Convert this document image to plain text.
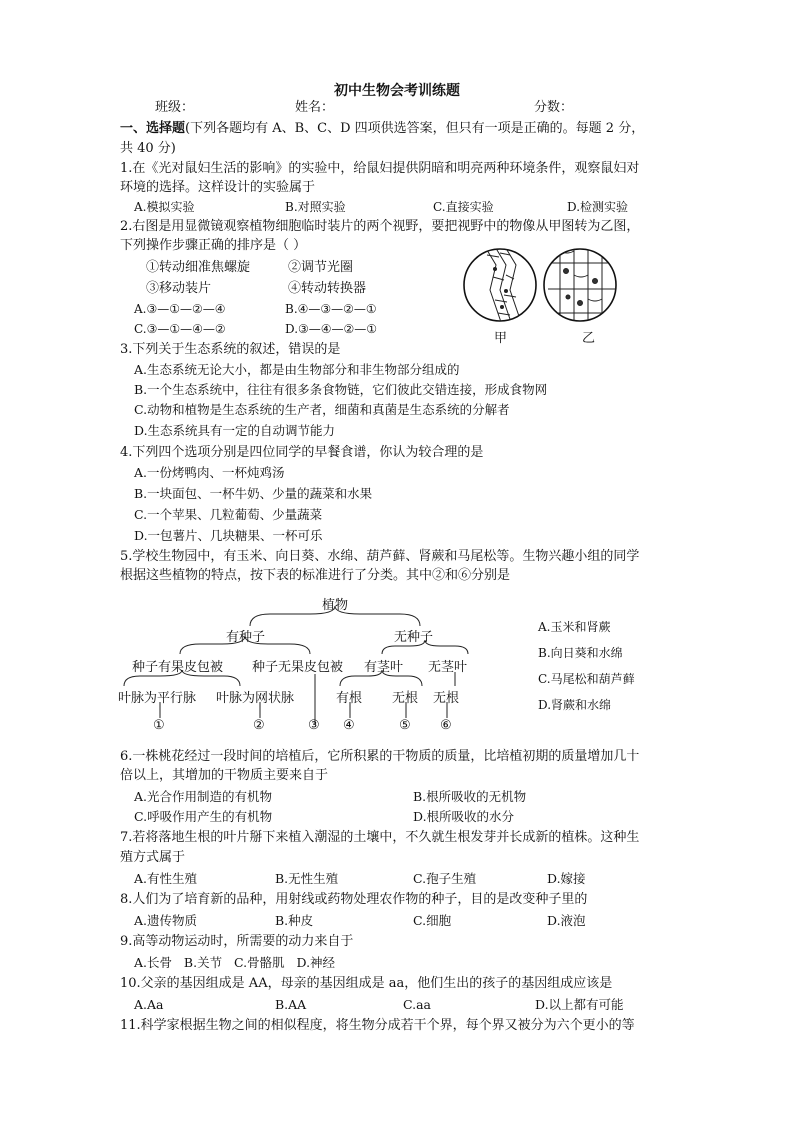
初中生物会考训练题
班级：	姓名：	分数：
一、选择题(下列各题均有 A、B、C、D 四项供选答案，但只有一项是正确的。每题 2 分，
共 40 分)
1.在《光对鼠妇生活的影响》的实验中，给鼠妇提供阴暗和明亮两种环境条件，观察鼠妇对
环境的选择。这样设计的实验属于
A.模拟实验	B.对照实验	C.直接实验	D.检测实验
2.右图是用显微镜观察植物细胞临时装片的两个视野，要把视野中的物像从甲图转为乙图，
下列操作步骤正确的排序是（ ）
①转动细准焦螺旋	②调节光圈
③移动装片	④转动转换器
A.③—①—②—④	B.④—③—②—①
C.③—①—④—②	D.③—④—②—①
甲	乙
3.下列关于生态系统的叙述，错误的是
A.生态系统无论大小，都是由生物部分和非生物部分组成的
B.一个生态系统中，往往有很多条食物链，它们彼此交错连接，形成食物网
C.动物和植物是生态系统的生产者，细菌和真菌是生态系统的分解者
D.生态系统具有一定的自动调节能力
4.下列四个选项分别是四位同学的早餐食谱，你认为较合理的是
A.一份烤鸭肉、一杯炖鸡汤
B.一块面包、一杯牛奶、少量的蔬菜和水果
C.一个苹果、几粒葡萄、少量蔬菜
D.一包薯片、几块糖果、一杯可乐
5.学校生物园中，有玉米、向日葵、水绵、葫芦藓、肾蕨和马尾松等。生物兴趣小组的同学
根据这些植物的特点，按下表的标准进行了分类。其中②和⑥分别是
植物
有种子	无种子
种子有果皮包被 种子无果皮包被 有茎叶 无茎叶
叶脉为平行脉 叶脉为网状脉	有根 无根 无根
①	②	③ ④	⑤ ⑥
A.玉米和肾蕨
B.向日葵和水绵
C.马尾松和葫芦藓
D.肾蕨和水绵
6.一株桃花经过一段时间的培植后，它所积累的干物质的质量，比培植初期的质量增加几十
倍以上，其增加的干物质主要来自于
A.光合作用制造的有机物	B.根所吸收的无机物
C.呼吸作用产生的有机物	D.根所吸收的水分
7.若将落地生根的叶片掰下来植入潮湿的土壤中，不久就生根发芽并长成新的植株。这种生
殖方式属于
A.有性生殖	B.无性生殖	C.孢子生殖	D.嫁接
8.人们为了培育新的品种，用射线或药物处理农作物的种子，目的是改变种子里的
A.遗传物质	B.种皮	C.细胞	D.液泡
9.高等动物运动时，所需要的动力来自于
A.长骨   B.关节   C.骨骼肌   D.神经
10.父亲的基因组成是 AA，母亲的基因组成是 aa，他们生出的孩子的基因组成应该是
A.Aa	B.AA	C.aa	D.以上都有可能
11.科学家根据生物之间的相似程度，将生物分成若干个界，每个界又被分为六个更小的等
